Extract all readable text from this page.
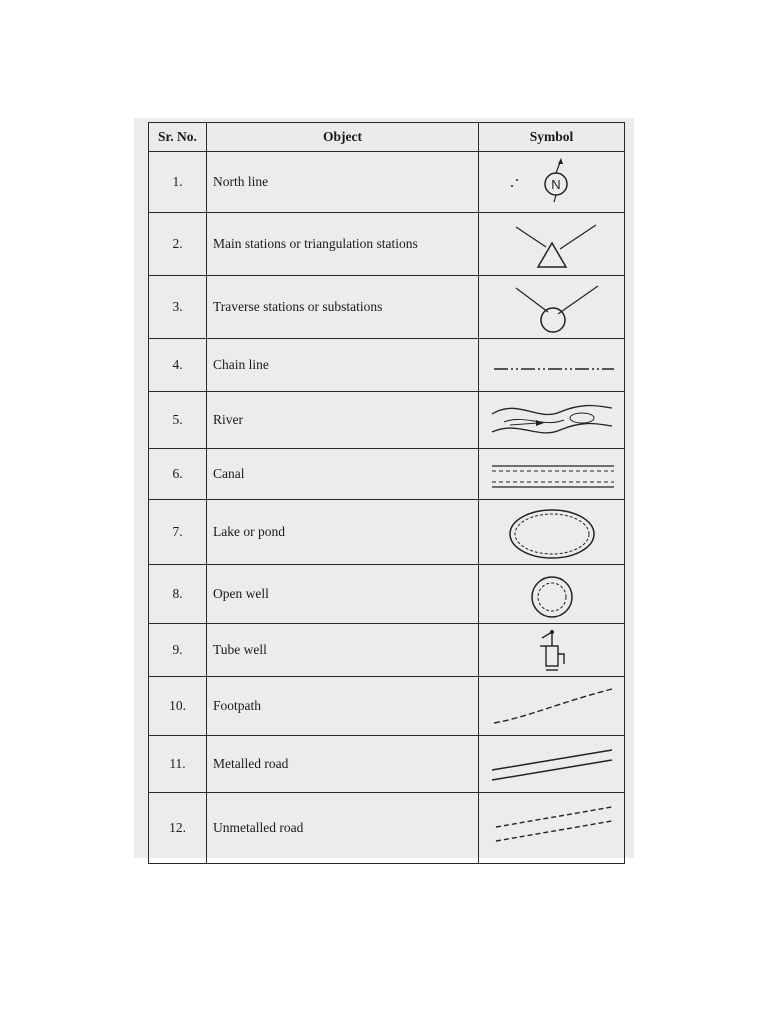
Sr. No.	Object	Symbol
1.	North line	N

2.	Main stations or triangulation stations	

3.	Traverse stations or substations	

4.	Chain line	

5.	River	

6.	Canal	

7.	Lake or pond	

8.	Open well	

9.	Tube well	

10.	Footpath	

11.	Metalled road	

12.	Unmetalled road	
